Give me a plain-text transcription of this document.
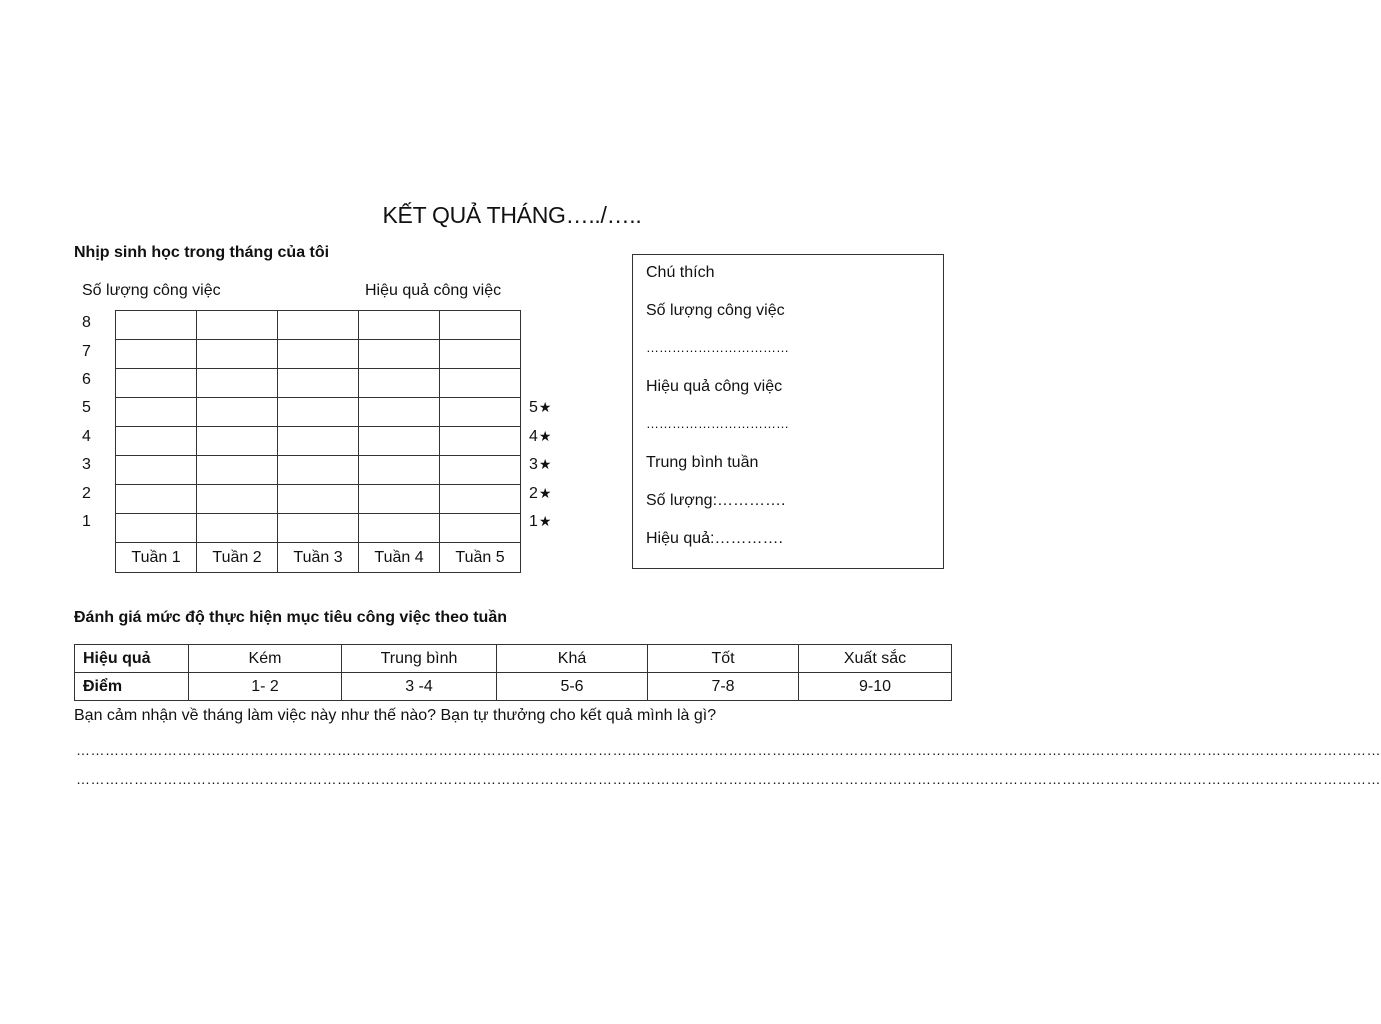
KẾT QUẢ THÁNG…../…..
Nhịp sinh học trong tháng của tôi
Số lượng công việc	Hiệu quả công việc
8
7
6
5
4
3
2
1
5★
4★
3★
2★
1★

Tuần 1	Tuần 2	Tuần 3	Tuần 4	Tuần 5
Chú thích
Số lượng công việc
……………………………
Hiệu quả công việc
……………………………
Trung bình tuần
Số lượng:………….
Hiệu quả:………….
Đánh giá mức độ thực hiện mục tiêu công việc theo tuần
Hiệu quả	Kém	Trung bình	Khá	Tốt	Xuất sắc
Điểm	1- 2	3 -4	5-6	7-8	9-10
Bạn cảm nhận về tháng làm việc này như thế nào? Bạn tự thưởng cho kết quả mình là gì?
………………………………………………………………………………………………………………………………………………………………………………………………………………………………………………
………………………………………………………………………………………………………………………………………………………………………………………………………………………………………………
